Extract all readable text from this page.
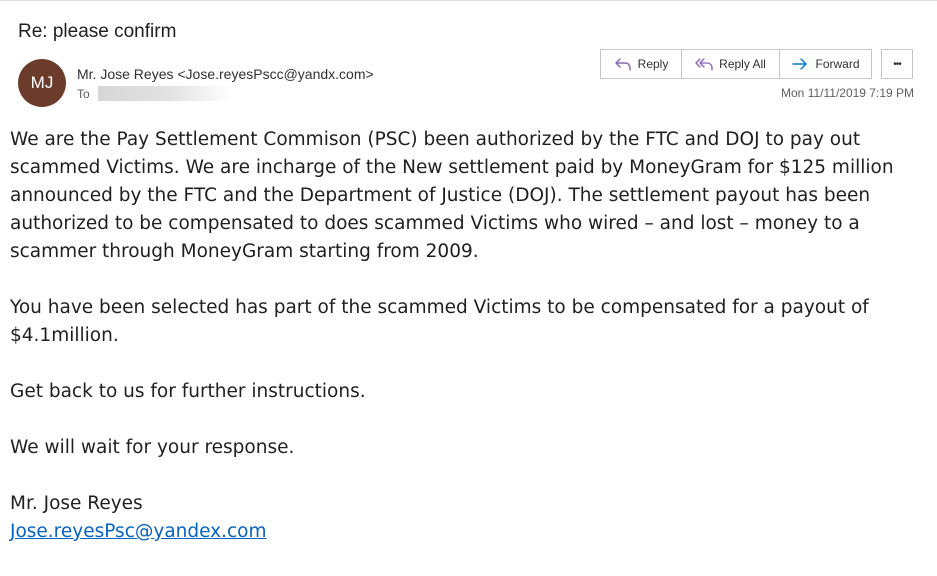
Re: please confirm
MJ Mr. Jose Reyes <Jose.reyesPscc@yandx.com>
To
Reply	Reply All	Forward	•••
Mon 11/11/2019 7:19 PM

We are the Pay Settlement Commison (PSC) been authorized by the FTC and DOJ to pay out scammed Victims. We are incharge of the New settlement paid by MoneyGram for $125 million announced by the FTC and the Department of Justice (DOJ). The settlement payout has been authorized to be compensated to does scammed Victims who wired – and lost – money to a scammer through MoneyGram starting from 2009.

You have been selected has part of the scammed Victims to be compensated for a payout of $4.1million.

Get back to us for further instructions.

We will wait for your response.

Mr. Jose Reyes

Jose.reyesPsc@yandex.com
